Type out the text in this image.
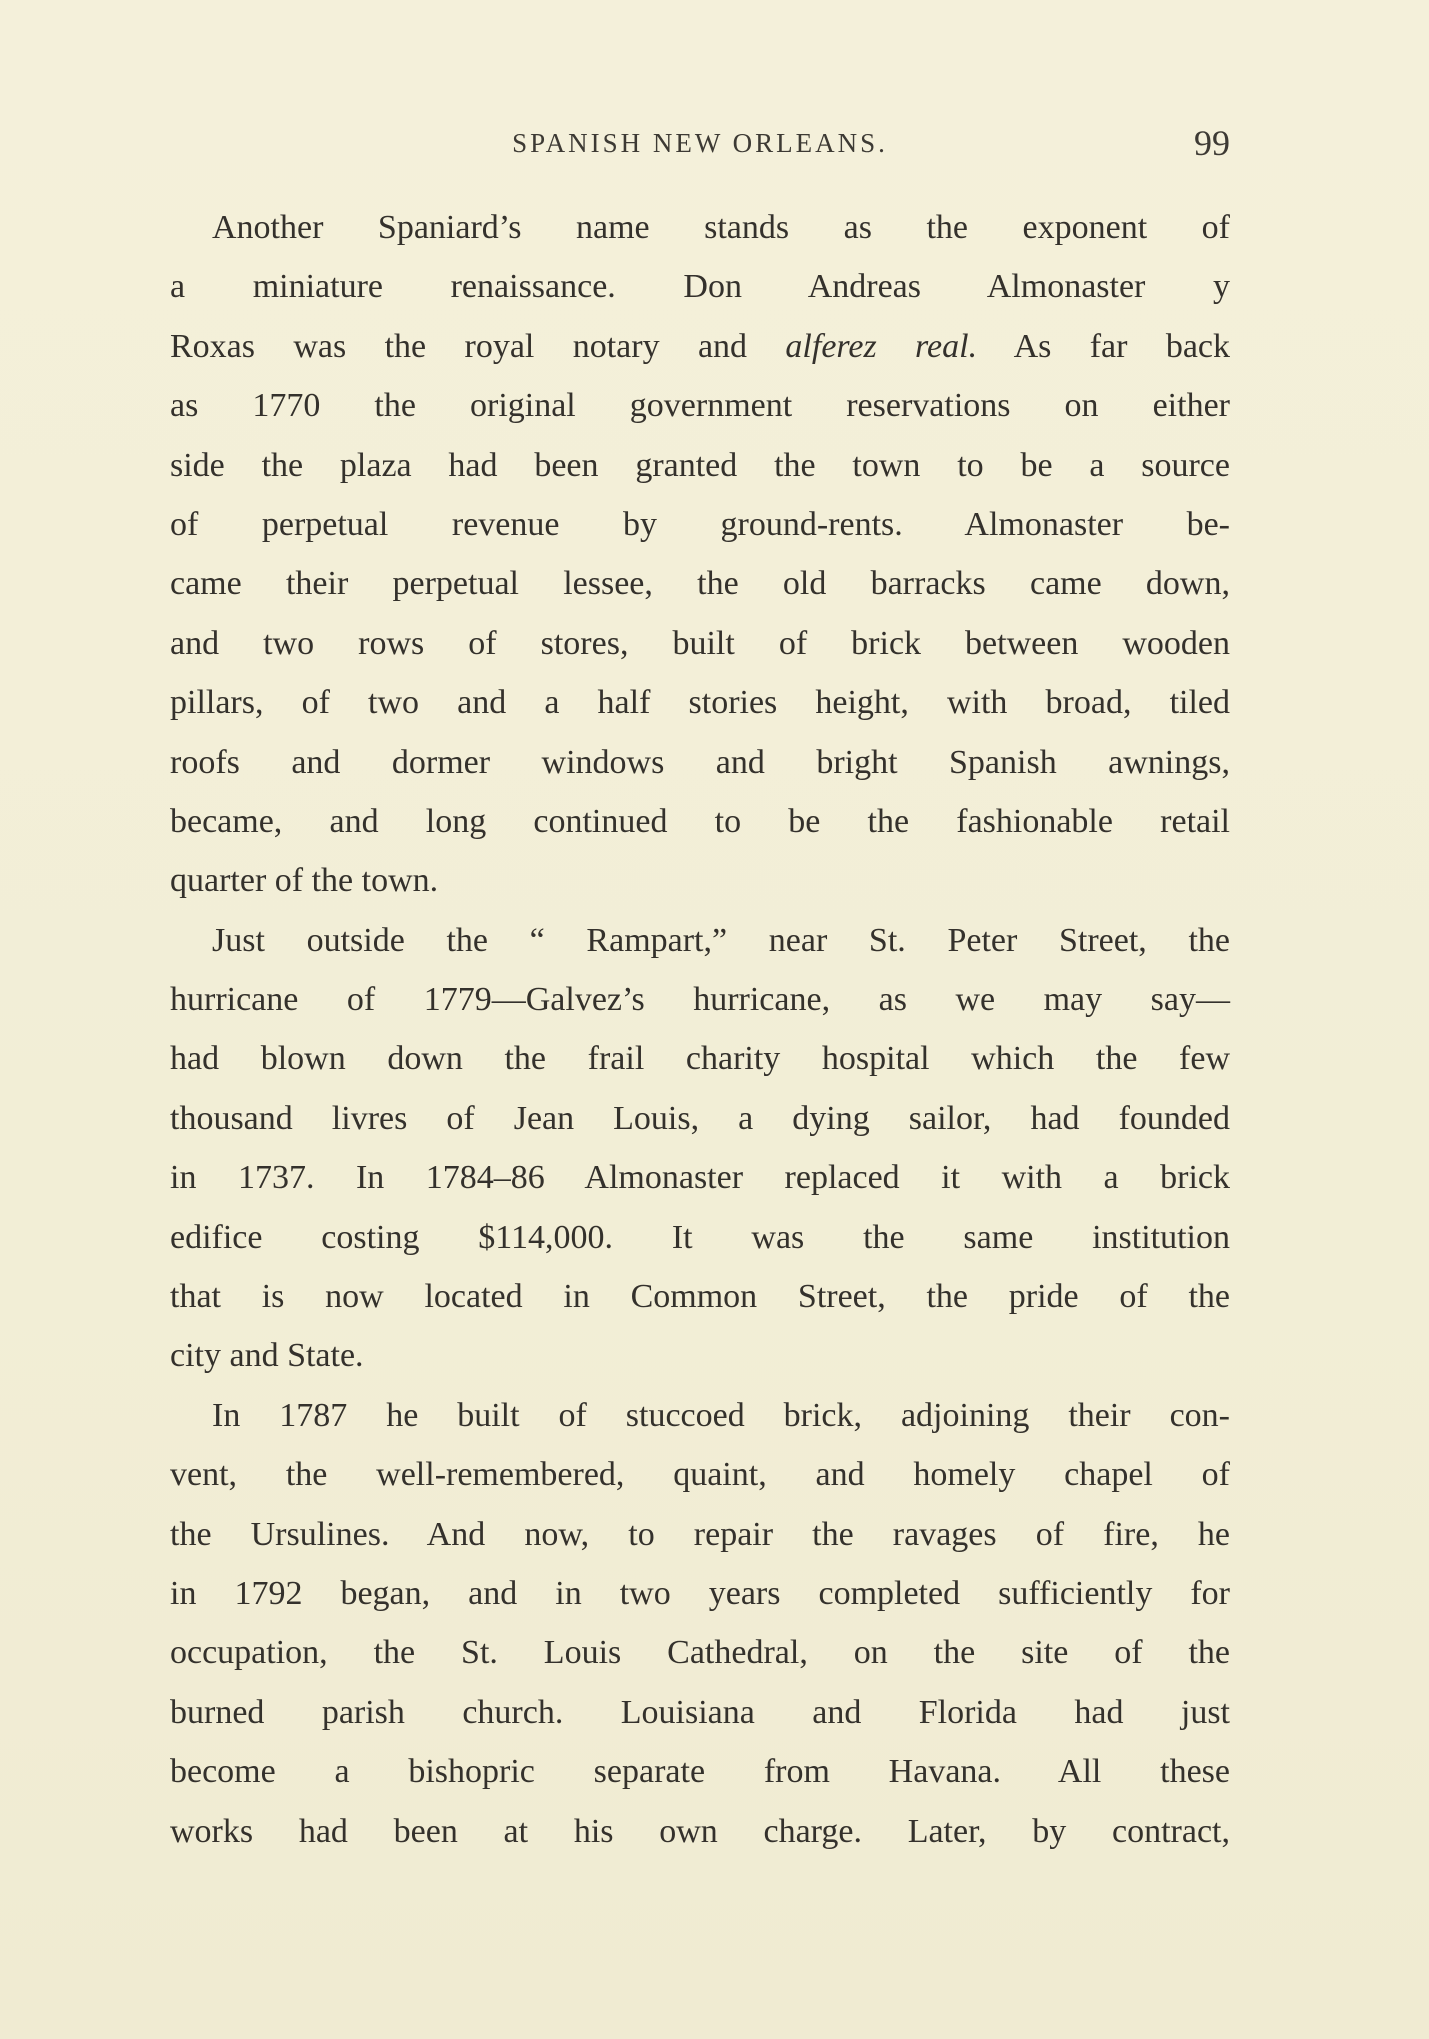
SPANISH NEW ORLEANS.	99
Another Spaniard’s name stands as the exponent of
a miniature renaissance. Don Andreas Almonaster y
Roxas was the royal notary and alferez real. As far back
as 1770 the original government reservations on either
side the plaza had been granted the town to be a source
of perpetual revenue by ground-rents. Almonaster be-
came their perpetual lessee, the old barracks came down,
and two rows of stores, built of brick between wooden
pillars, of two and a half stories height, with broad, tiled
roofs and dormer windows and bright Spanish awnings,
became, and long continued to be the fashionable retail
quarter of the town.
Just outside the “ Rampart,” near St. Peter Street, the
hurricane of 1779—Galvez’s hurricane, as we may say—
had blown down the frail charity hospital which the few
thousand livres of Jean Louis, a dying sailor, had founded
in 1737. In 1784–86 Almonaster replaced it with a brick
edifice costing $114,000. It was the same institution
that is now located in Common Street, the pride of the
city and State.
In 1787 he built of stuccoed brick, adjoining their con-
vent, the well-remembered, quaint, and homely chapel of
the Ursulines. And now, to repair the ravages of fire, he
in 1792 began, and in two years completed sufficiently for
occupation, the St. Louis Cathedral, on the site of the
burned parish church. Louisiana and Florida had just
become a bishopric separate from Havana. All these
works had been at his own charge. Later, by contract,
